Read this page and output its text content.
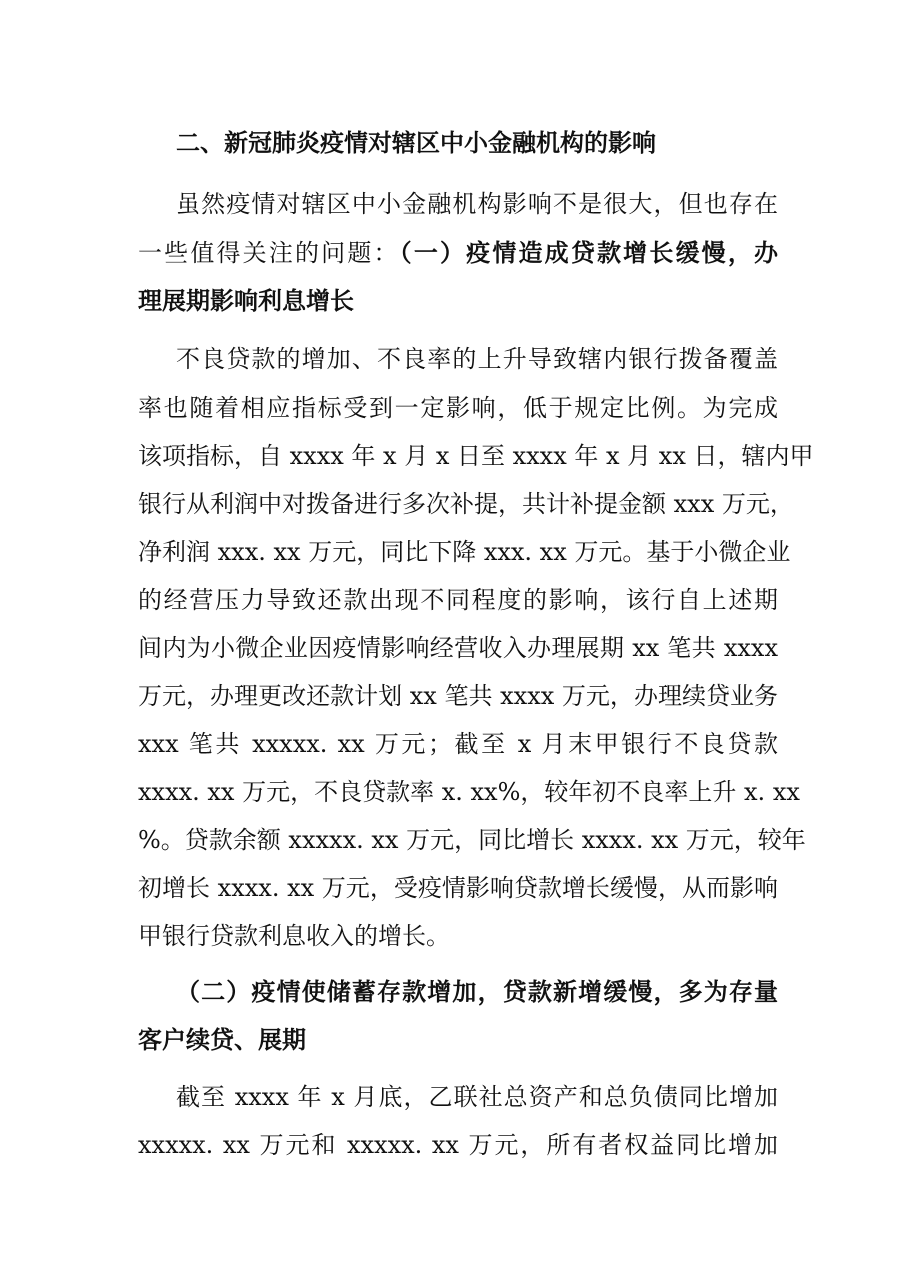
二、新冠肺炎疫情对辖区中小金融机构的影响
虽然疫情对辖区中小金融机构影响不是很大，但也存在
一些值得关注的问题：（一）疫情造成贷款增长缓慢，办
理展期影响利息增长
不良贷款的增加、不良率的上升导致辖内银行拨备覆盖
率也随着相应指标受到一定影响，低于规定比例。为完成
该项指标，自 xxxx 年 x 月 x 日至 xxxx 年 x 月 xx 日，辖内甲
银行从利润中对拨备进行多次补提，共计补提金额 xxx 万元，
净利润 xxx. xx 万元，同比下降 xxx. xx 万元。基于小微企业
的经营压力导致还款出现不同程度的影响，该行自上述期
间内为小微企业因疫情影响经营收入办理展期 xx 笔共 xxxx
万元，办理更改还款计划 xx 笔共 xxxx 万元，办理续贷业务
xxx 笔共 xxxxx. xx 万元；截至 x 月末甲银行不良贷款
xxxx. xx 万元，不良贷款率 x. xx%，较年初不良率上升 x. xx
%。贷款余额 xxxxx. xx 万元，同比增长 xxxx. xx 万元，较年
初增长 xxxx. xx 万元，受疫情影响贷款增长缓慢，从而影响
甲银行贷款利息收入的增长。
（二）疫情使储蓄存款增加，贷款新增缓慢，多为存量
客户续贷、展期
截至 xxxx 年 x 月底，乙联社总资产和总负债同比增加
xxxxx. xx 万元和 xxxxx. xx 万元，所有者权益同比增加
